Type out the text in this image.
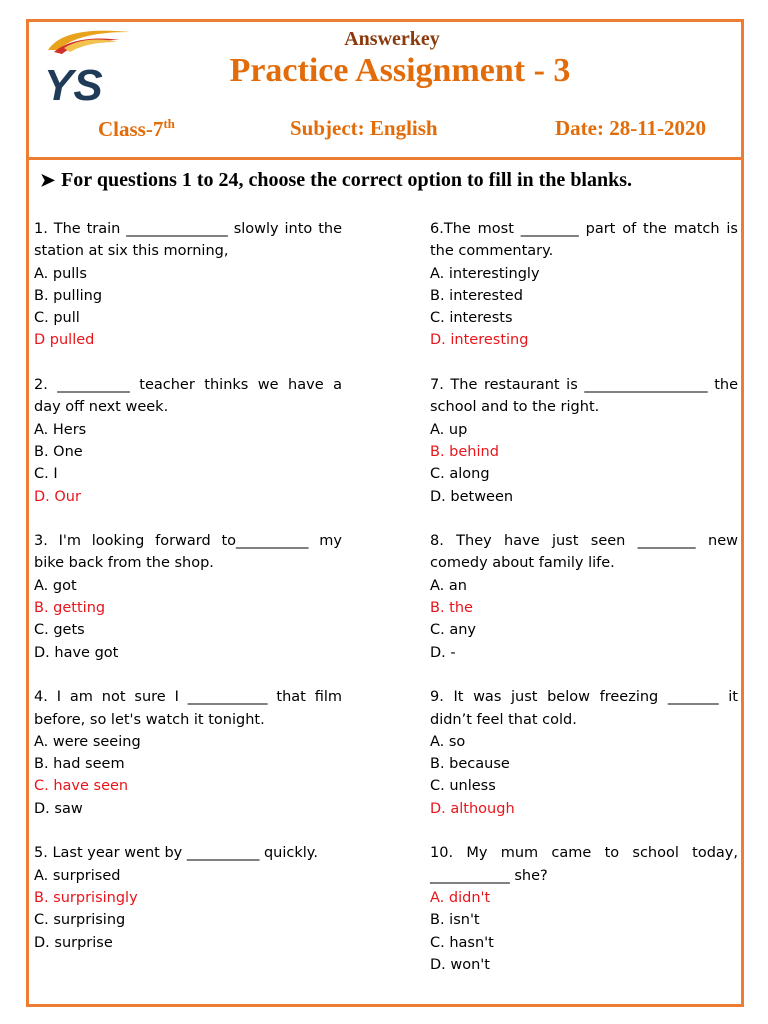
YS
Answerkey
Practice Assignment - 3
Class-7th	Subject: English	Date: 28-11-2020
➤ For questions 1 to 24, choose the correct option to fill in the blanks.
1. The train ______________ slowly into the station at six this morning,
A. pulls
B. pulling
C. pull
D pulled
2. __________ teacher thinks we have a day off next week.
A. Hers
B. One
C. I
D. Our
3. I'm looking forward to__________ my bike back from the shop.
A. got
B. getting
C. gets
D. have got
4. I am not sure I ___________ that film before, so let's watch it tonight.
A. were seeing
B. had seem
C. have seen
D. saw
5. Last year went by __________ quickly.
A. surprised
B. surprisingly
C. surprising
D. surprise
6.The most ________ part of the match is the commentary.
A. interestingly
B. interested
C. interests
D. interesting
7. The restaurant is _________________ the school and to the right.
A. up
B. behind
C. along
D. between
8. They have just seen ________ new comedy about family life.
A. an
B. the
C. any
D. -
9. It was just below freezing _______ it didn’t feel that cold.
A. so
B. because
C. unless
D. although
10. My mum came to school today, ___________ she?
A. didn't
B. isn't
C. hasn't
D. won't
